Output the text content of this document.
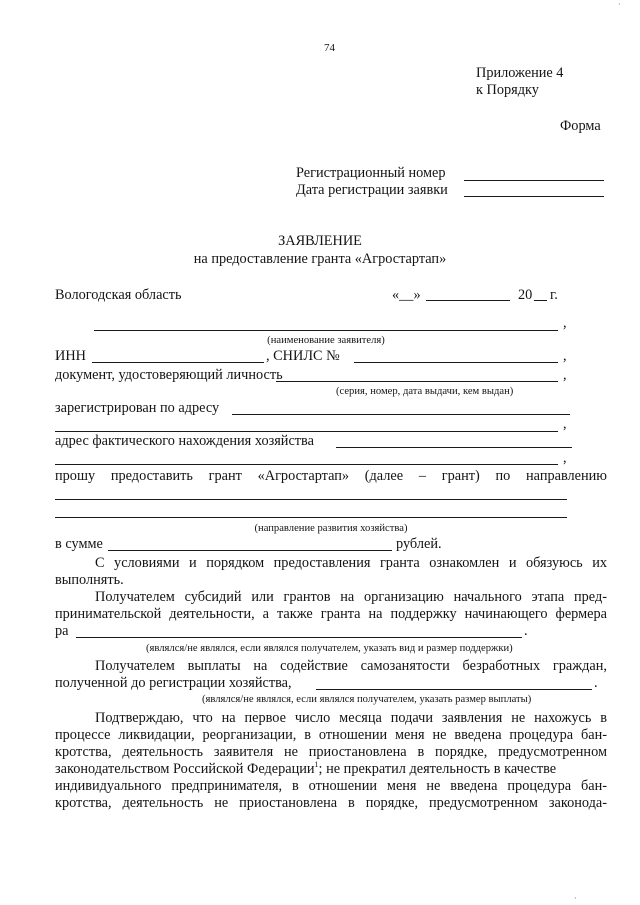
74
Приложение 4
к Порядку
Форма
Регистрационный номер
Дата регистрации заявки
ЗАЯВЛЕНИЕ
на предоставление гранта «Агростартап»
Вологодская область	«__»	20 г.
,
(наименование заявителя)
ИНН	, СНИЛС №	,
документ, удостоверяющий личность	,
(серия, номер, дата выдачи, кем выдан)
зарегистрирован по адресу
,
адрес фактического нахождения хозяйства
,
прошу предоставить грант «Агростартап» (далее – грант) по направлению
(направление развития хозяйства)
в сумме	рублей.
С условиями и порядком предоставления гранта ознакомлен и обязуюсь их
выполнять.
Получателем субсидий или грантов на организацию начального этапа пред-
принимательской деятельности, а также гранта на поддержку начинающего фермера
ра	.
(являлся/не являлся, если являлся получателем, указать вид и размер поддержки)
Получателем выплаты на содействие самозанятости безработных граждан,
полученной до регистрации хозяйства,	.
(являлся/не являлся, если являлся получателем, указать размер выплаты)
Подтверждаю, что на первое число месяца подачи заявления не нахожусь в
процессе ликвидации, реорганизации, в отношении меня не введена процедура бан-
кротства, деятельность заявителя не приостановлена в порядке, предусмотренном
законодательством Российской Федерации$^1$; не прекратил деятельность в качестве
индивидуального предпринимателя, в отношении меня не введена процедура бан-
кротства, деятельность не приостановлена в порядке, предусмотренном законода-
·
·
